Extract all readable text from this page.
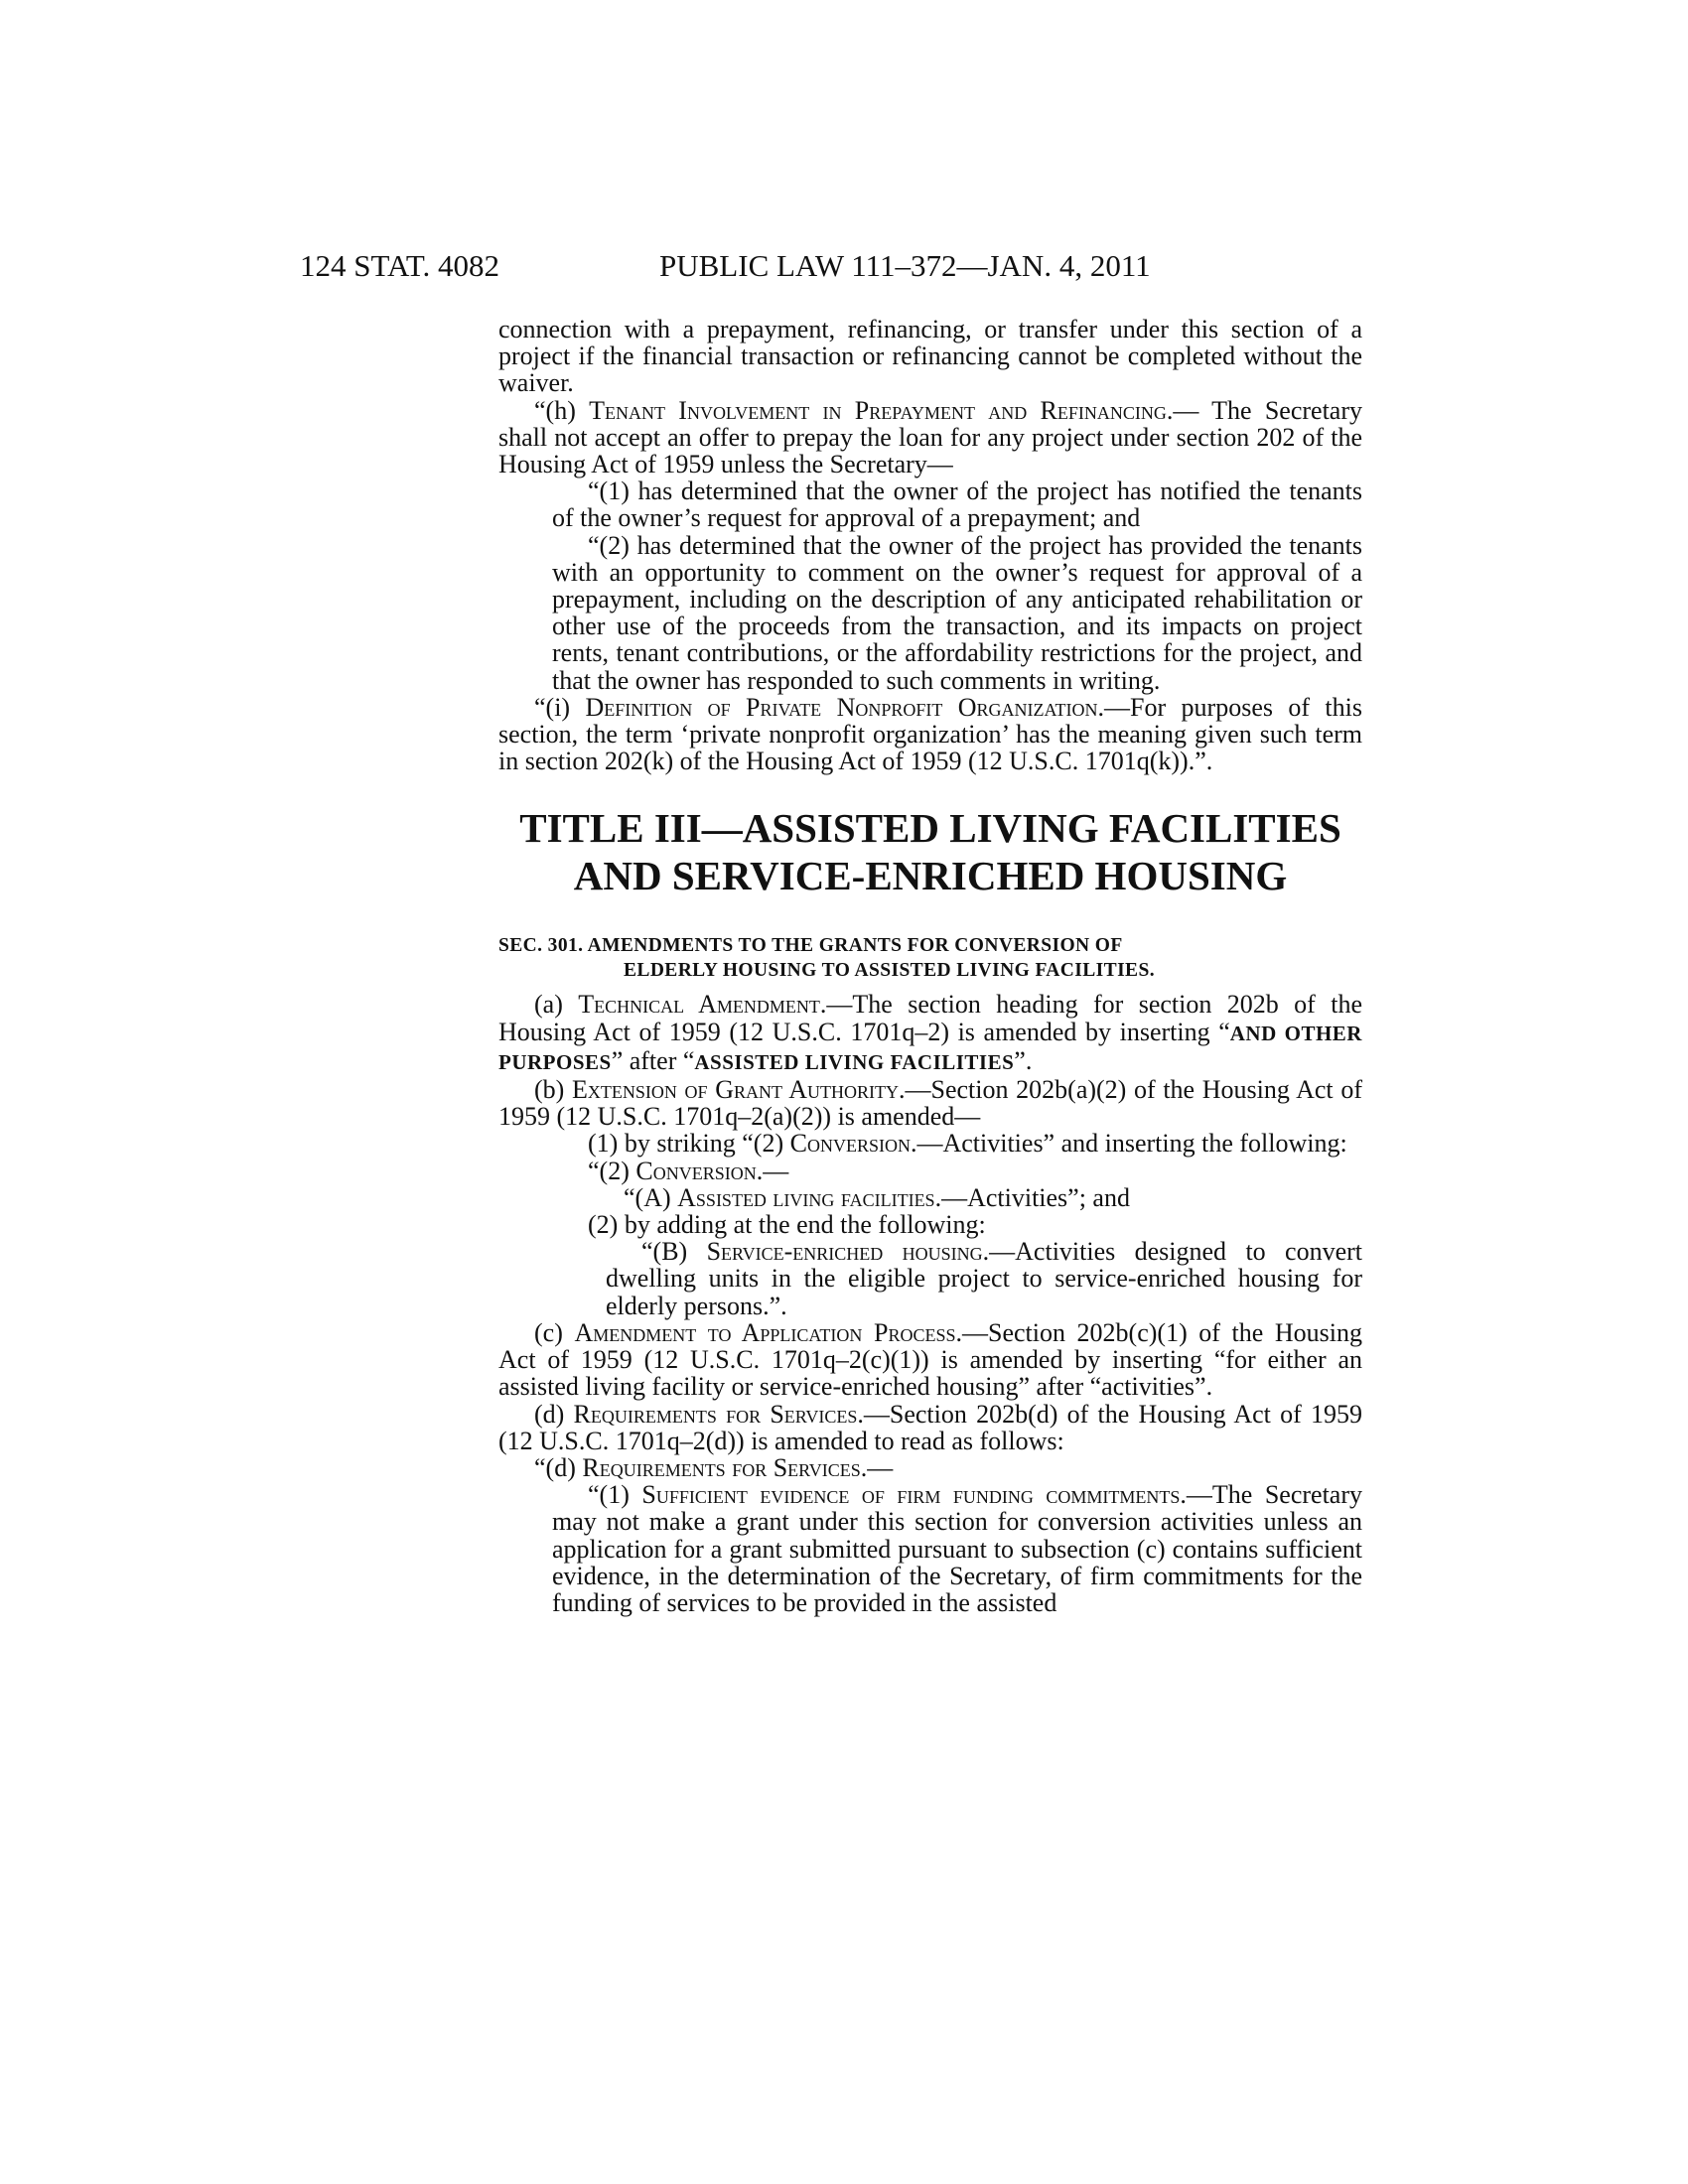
124 STAT. 4082	PUBLIC LAW 111–372—JAN. 4, 2011

connection with a prepayment, refinancing, or transfer under this section of a project if the financial transaction or refinancing cannot be completed without the waiver.

“(h) Tenant Involvement in Prepayment and Refinancing.— The Secretary shall not accept an offer to prepay the loan for any project under section 202 of the Housing Act of 1959 unless the Secretary—

“(1) has determined that the owner of the project has notified the tenants of the owner’s request for approval of a prepayment; and

“(2) has determined that the owner of the project has provided the tenants with an opportunity to comment on the owner’s request for approval of a prepayment, including on the description of any anticipated rehabilitation or other use of the proceeds from the transaction, and its impacts on project rents, tenant contributions, or the affordability restrictions for the project, and that the owner has responded to such comments in writing.

“(i) Definition of Private Nonprofit Organization.—For purposes of this section, the term ‘private nonprofit organization’ has the meaning given such term in section 202(k) of the Housing Act of 1959 (12 U.S.C. 1701q(k)).”.

TITLE III—ASSISTED LIVING FACILITIES
AND SERVICE-ENRICHED HOUSING
SEC. 301. AMENDMENTS TO THE GRANTS FOR CONVERSION OF
ELDERLY HOUSING TO ASSISTED LIVING FACILITIES.

(a) Technical Amendment.—The section heading for section 202b of the Housing Act of 1959 (12 U.S.C. 1701q–2) is amended by inserting “AND OTHER PURPOSES” after “ASSISTED LIVING FACILITIES”.

(b) Extension of Grant Authority.—Section 202b(a)(2) of the Housing Act of 1959 (12 U.S.C. 1701q–2(a)(2)) is amended—

(1) by striking “(2) Conversion.—Activities” and inserting the following:

“(2) Conversion.—

“(A) Assisted living facilities.—Activities”; and

(2) by adding at the end the following:

“(B) Service-enriched housing.—Activities designed to convert dwelling units in the eligible project to service-enriched housing for elderly persons.”.

(c) Amendment to Application Process.—Section 202b(c)(1) of the Housing Act of 1959 (12 U.S.C. 1701q–2(c)(1)) is amended by inserting “for either an assisted living facility or service-enriched housing” after “activities”.

(d) Requirements for Services.—Section 202b(d) of the Housing Act of 1959 (12 U.S.C. 1701q–2(d)) is amended to read as follows:

“(d) Requirements for Services.—

“(1) Sufficient evidence of firm funding commitments.—The Secretary may not make a grant under this section for conversion activities unless an application for a grant submitted pursuant to subsection (c) contains sufficient evidence, in the determination of the Secretary, of firm commitments for the funding of services to be provided in the assisted
